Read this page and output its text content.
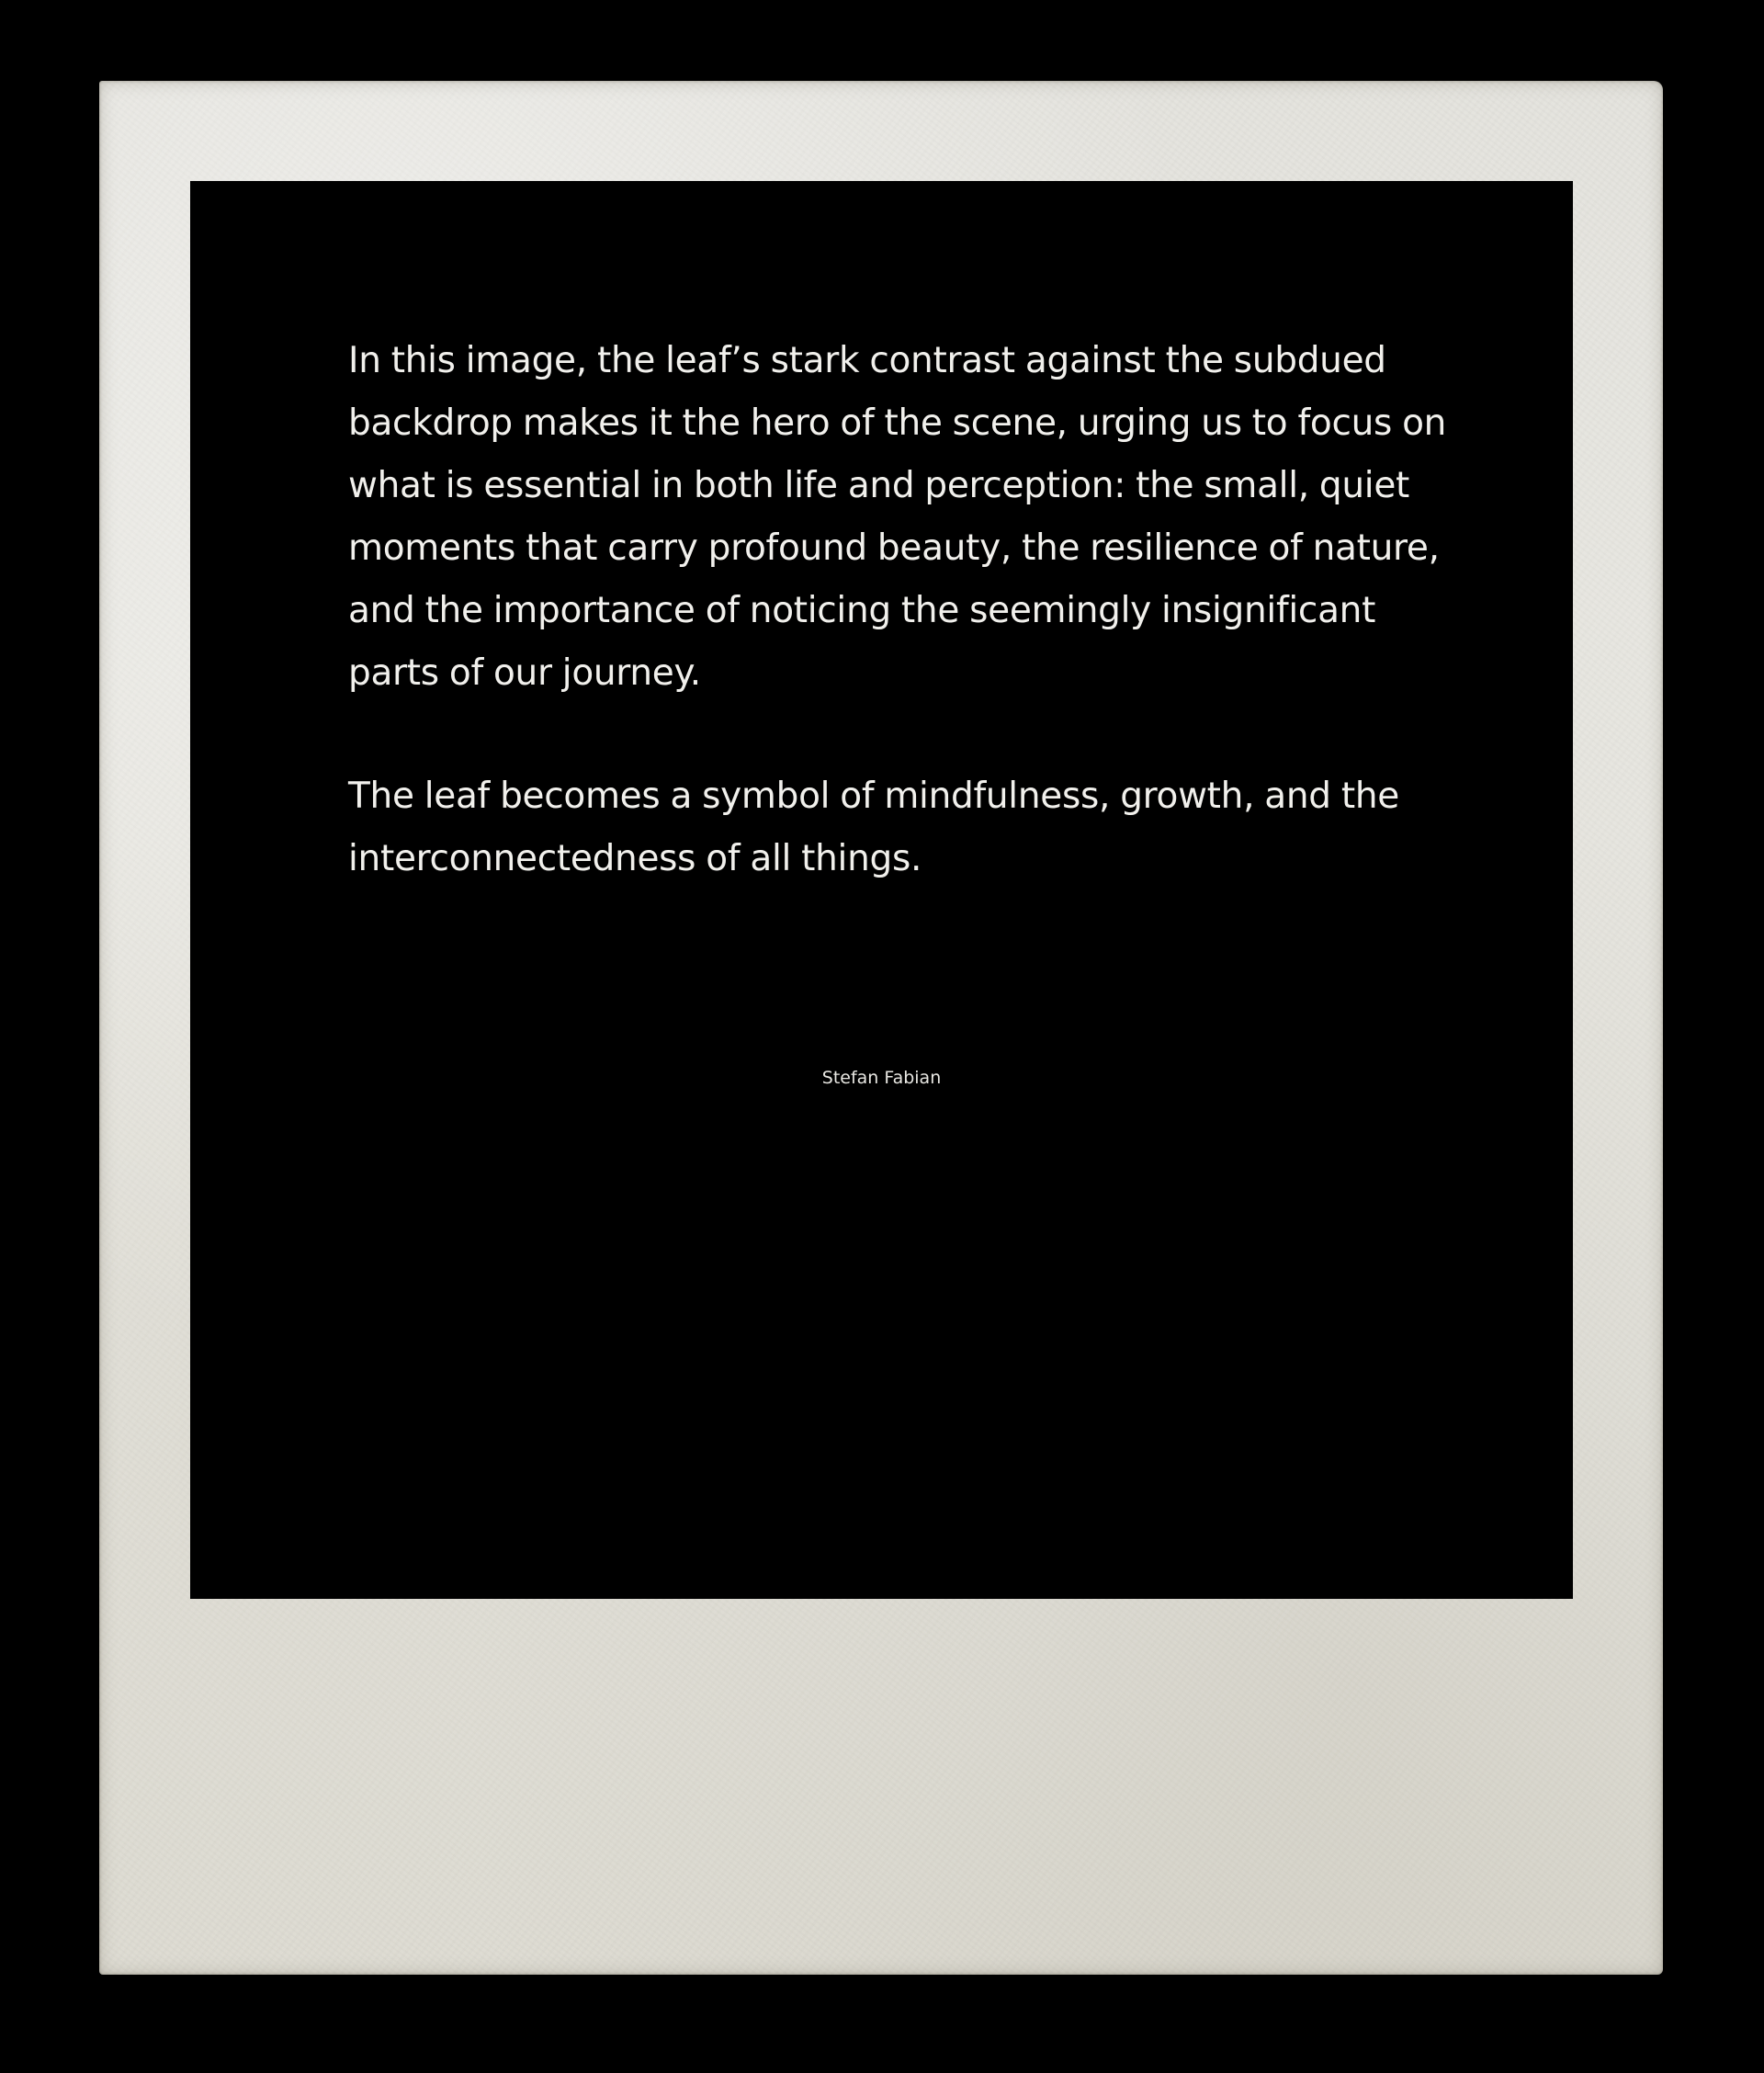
In this image, the leaf’s stark contrast against the subdued backdrop makes it the hero of the scene, urging us to focus on what is essential in both life and perception: the small, quiet moments that carry profound beauty, the resilience of nature, and the importance of noticing the seemingly insignificant parts of our journey.

The leaf becomes a symbol of mindfulness, growth, and the interconnectedness of all things.

Stefan Fabian
